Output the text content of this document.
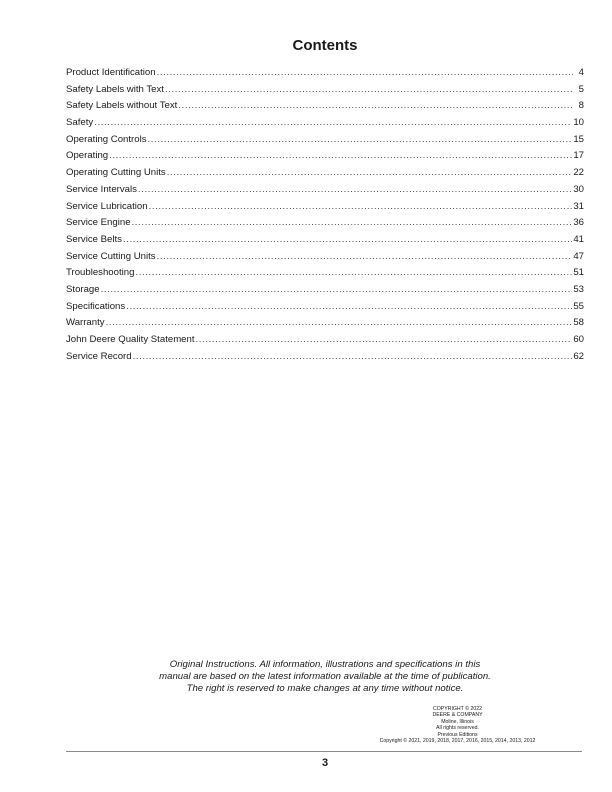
Contents
Product Identification .....	4
Safety Labels with Text .....	5
Safety Labels without Text .....	8
Safety .....	10
Operating Controls .....	15
Operating .....	17
Operating Cutting Units .....	22
Service Intervals .....	30
Service Lubrication .....	31
Service Engine .....	36
Service Belts .....	41
Service Cutting Units .....	47
Troubleshooting .....	51
Storage .....	53
Specifications .....	55
Warranty .....	58
John Deere Quality Statement .....	60
Service Record .....	62
Original Instructions. All information, illustrations and specifications in this
manual are based on the latest information available at the time of publication.
The right is reserved to make changes at any time without notice.
COPYRIGHT © 2022
DEERE & COMPANY
Moline, Illinois
All rights reserved.
Previous Editions
Copyright © 2021, 2019, 2018, 2017, 2016, 2015, 2014, 2013, 2012
3
